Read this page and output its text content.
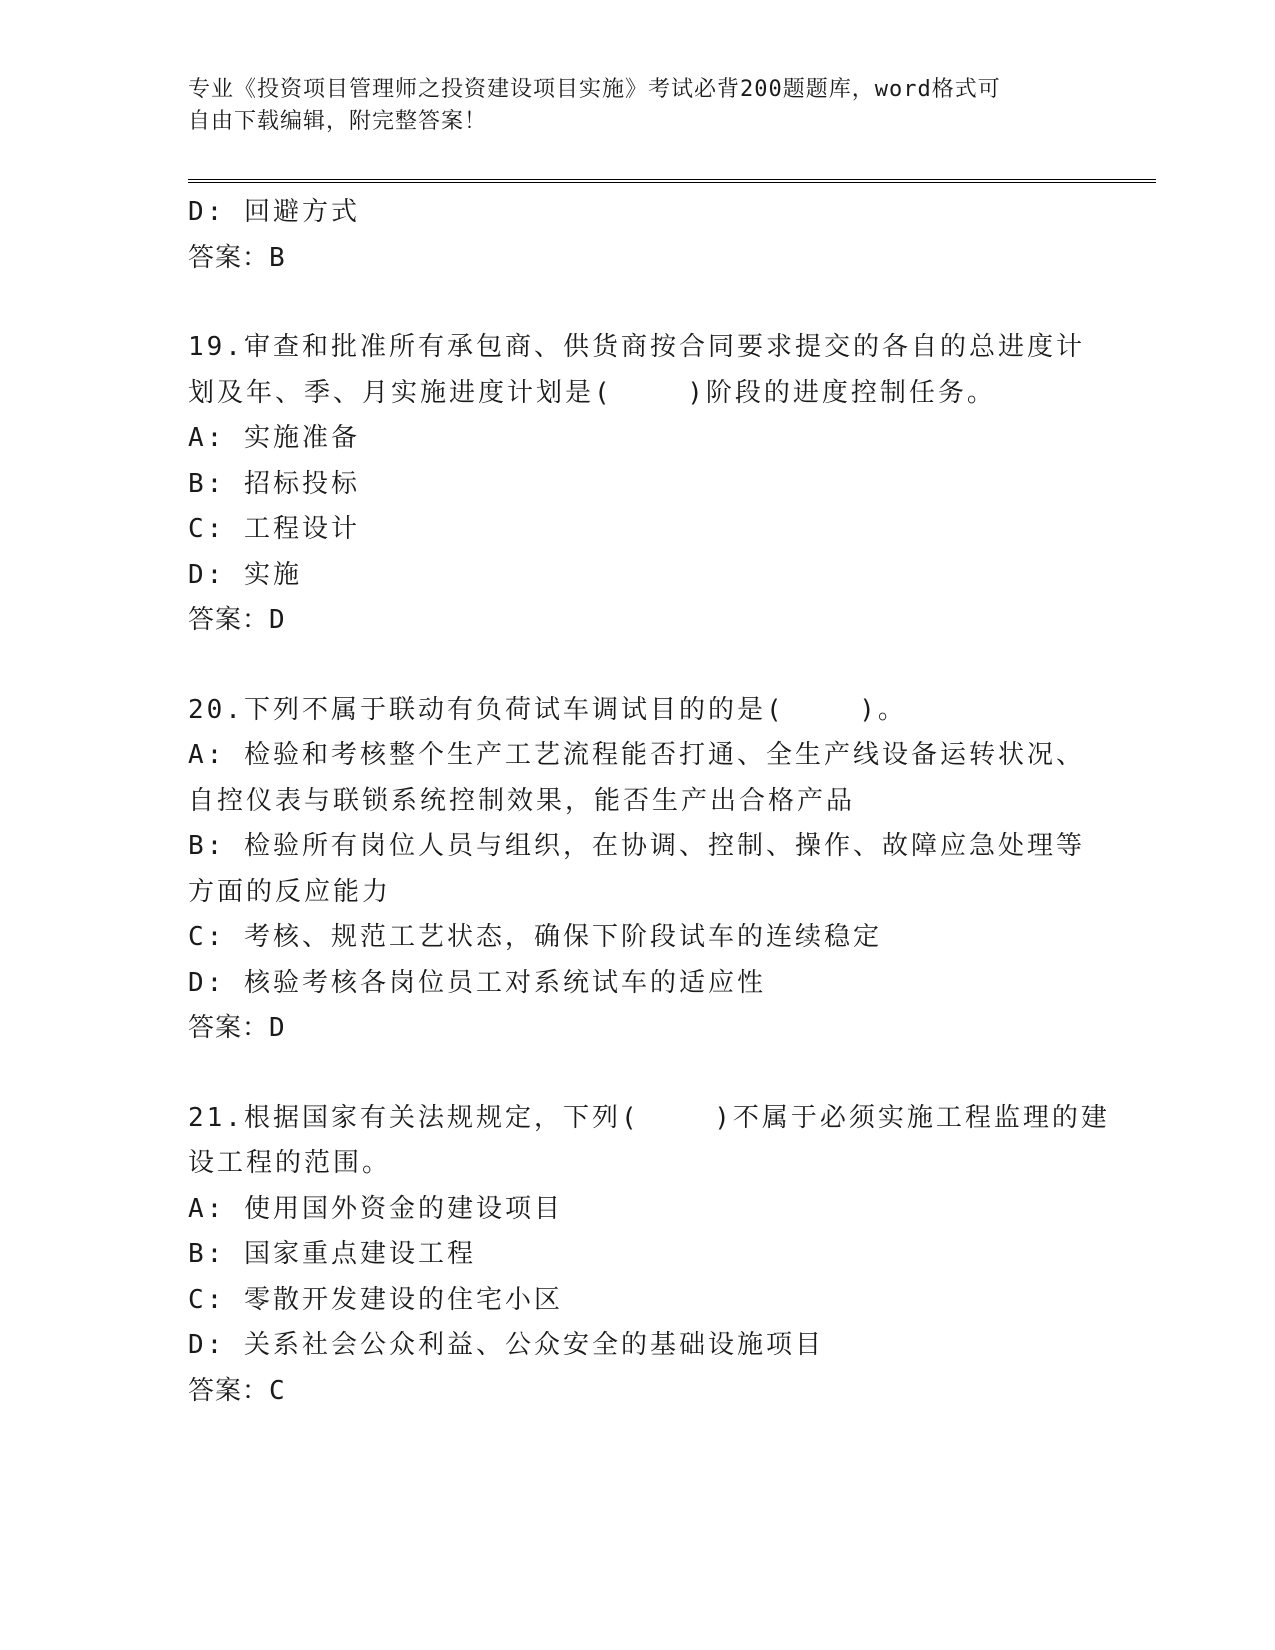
专业《投资项目管理师之投资建设项目实施》考试必背200题题库，word格式可
自由下载编辑，附完整答案！
D: 回避方式
答案：B
19.审查和批准所有承包商、供货商按合同要求提交的各自的总进度计
划及年、季、月实施进度计划是(    )阶段的进度控制任务。
A: 实施准备
B: 招标投标
C: 工程设计
D: 实施
答案：D
20.下列不属于联动有负荷试车调试目的的是(    )。
A: 检验和考核整个生产工艺流程能否打通、全生产线设备运转状况、
自控仪表与联锁系统控制效果，能否生产出合格产品
B: 检验所有岗位人员与组织，在协调、控制、操作、故障应急处理等
方面的反应能力
C: 考核、规范工艺状态，确保下阶段试车的连续稳定
D: 核验考核各岗位员工对系统试车的适应性
答案：D
21.根据国家有关法规规定，下列(    )不属于必须实施工程监理的建
设工程的范围。
A: 使用国外资金的建设项目
B: 国家重点建设工程
C: 零散开发建设的住宅小区
D: 关系社会公众利益、公众安全的基础设施项目
答案：C
